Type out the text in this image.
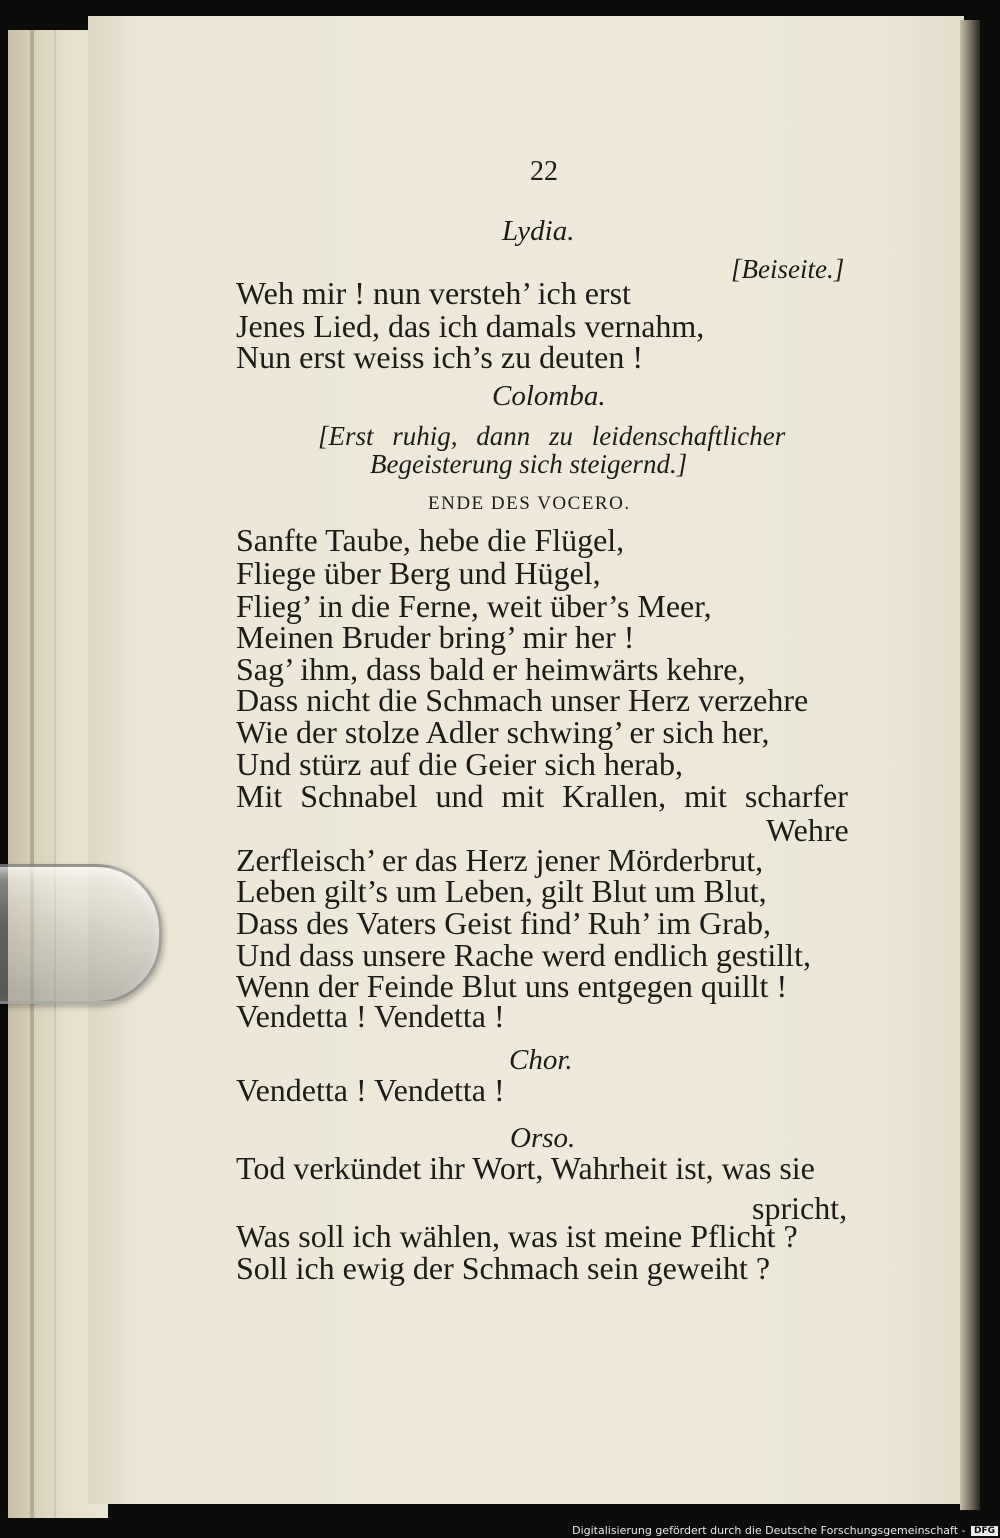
22
Lydia.
[Beiseite.]
Weh mir ! nun versteh’ ich erst
Jenes Lied, das ich damals vernahm,
Nun erst weiss ich’s zu deuten !
Colomba.
[Erst ruhig, dann zu leidenschaftlicher
Begeisterung sich steigernd.]
ENDE DES VOCERO.
Sanfte Taube, hebe die Flügel,
Fliege über Berg und Hügel,
Flieg’ in die Ferne, weit über’s Meer,
Meinen Bruder bring’ mir her !
Sag’ ihm, dass bald er heimwärts kehre,
Dass nicht die Schmach unser Herz verzehre
Wie der stolze Adler schwing’ er sich her,
Und stürz auf die Geier sich herab,
Mit Schnabel und mit Krallen, mit scharfer
Wehre
Zerfleisch’ er das Herz jener Mörderbrut,
Leben gilt’s um Leben, gilt Blut um Blut,
Dass des Vaters Geist find’ Ruh’ im Grab,
Und dass unsere Rache werd endlich gestillt,
Wenn der Feinde Blut uns entgegen quillt !
Vendetta ! Vendetta !
Chor.
Vendetta ! Vendetta !
Orso.
Tod verkündet ihr Wort, Wahrheit ist, was sie
spricht,
Was soll ich wählen, was ist meine Pflicht ?
Soll ich ewig der Schmach sein geweiht ?
Digitalisierung gefördert durch die Deutsche Forschungsgemeinschaft - DFG
